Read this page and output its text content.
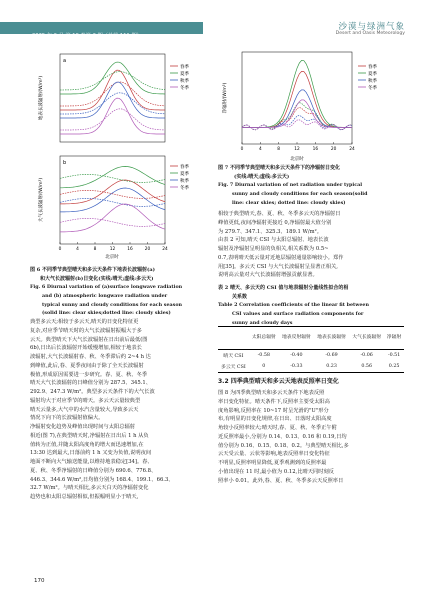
2025 年 6 月 第 19 卷第 3 期（总第 111 期）
沙漠与绿洲气象
Desert and Oasis Meteorology
a
地表长波辐射/(W/m²)
春季
夏季
秋季
冬季
b
大气长波辐射/(W/m²)
春季
夏季
秋季
冬季
0	4	8	12	16	20	24
北京时
图 6 不同季节典型晴天和多云天条件下地表长波辐射(a)
和大气长波辐射(b)日变化(实线:晴天;虚线:多云天)
Fig. 6 Diurnal variation of (a)surface longwave radiation
and (b) atmospheric longwave radiation under
typical sunny and cloudy conditions for each season
(solid line: clear skies;dotted line: cloudy skies)
典型多云天;相较于多云天,晴天的日变化特征更
复杂,对应季节晴天时的大气长波辐射振幅大于多
云天。典型晴天下大气长波辐射在日出前后最低(图
6b),日出后长波辐射开始缓慢增加,相较于地表长
波辐射,大气长波辐射春、秋、冬季滞后约 2~4 h 达
到峰值,此后,春、夏季夜间由于除了全天长波辐射
极值,形成原因需要进一步研究。春、夏、秋、冬季
晴天大气长波辐射的日峰值分别为 287.5、345.1、
292.9、247.3 W/m²。典型多云天条件下的大气长波
辐射均大于对应季节的晴天。多云天云量较典型
晴天云量多,大气中的水汽含量较大,导致多云天
情况下向下的长波辐射值偏大。
净辐射变化趋势及峰值出现时间与太阳总辐射
相近(图 7),在典型晴天时,净辐射在日出后 1 h 从负
值转为正值,并随太阳高度角的增大而迅速增加,在
13:30 达到最大,日落前约 1 h 又变为负值,说明夜间
地面不断向大气输送能量,以维持地表稳定[34]。春、
夏、秋、冬季净辐射的日峰值分别为 690.6、776.8、
446.3、344.6 W/m²,日均值分别为 168.4、199.1、66.3、
32.7 W/m²。与晴天相比,多云天白天的净辐射变化
趋势也和太阳总辐射相似,但振幅明显小于晴天,
净辐射/(W/m²)
春季
夏季
秋季
冬季
0	4	8	12	16	20	24
北京时
图 7 不同季节典型晴天和多云天条件下的净辐射日变化
(实线:晴天;虚线:多云天)
Fig. 7 Diurnal variation of net radiation under typical
sunny and cloudy conditions for each season(solid
line: clear skies; dotted line: cloudy skies)
相较于典型晴天,春、夏、秋、冬季多云天的净辐射日
峰值更低,夜间净辐射更接近 0,净辐射最大值分别
为 279.7、347.1、325.3、189.1 W/m²。
由表 2 可知,晴天 CSI 与太阳总辐射、地表长波
辐射及净辐射呈明显的负相关,相关系数为 0.5~
0.7,表明晴天低云量对近地层辐射通量影响较小。郑作
用[35]。多云天 CSI 与大气长波辐射呈显著正相关,
说明高云量对大气长波辐射增强贡献显著。
表 2 晴天、多云天的 CSI 值与地表辐射分量线性拟合的相
关系数
Table 2 Correlation coefficients of the linear fit between
CSI values and surface radiation components for
sunny and cloudy days
	太阳总辐射	地表反射辐射	地表长波辐射	大气长波辐射	净辐射
晴天 CSI	-0.58	-0.40	-0.69	-0.06	-0.51
多云天 CSI	0	-0.33	0.23	0.56	0.25
3.2 四季典型晴天和多云天地表反照率日变化
图 8 为四季典型晴天和多云天条件下地表反照
率日变化特征。晴天条件下,反照率主要受太阳高
度角影响,反照率在 10~17 时呈光滑的"U"形分
布,有明显的日变化规律,在日出、日落时太阳高度
角较小反照率较大;晴天时,春、夏、秋、冬季正午附
近反照率最小,分别为 0.14、0.13、0.16 和 0.19,日均
值分别为 0.16、0.15、0.18、0.2。与典型晴天相比,多
云天受云量、云状等影响,地表反照率日变化特征
不明显,反照率明显降低,夏季观测到的反照率最
小值出现在 11 时,最小值为 0.12,比晴天同时刻反
照率小 0.01。此外,春、夏、秋、冬季多云天反照率日
170
